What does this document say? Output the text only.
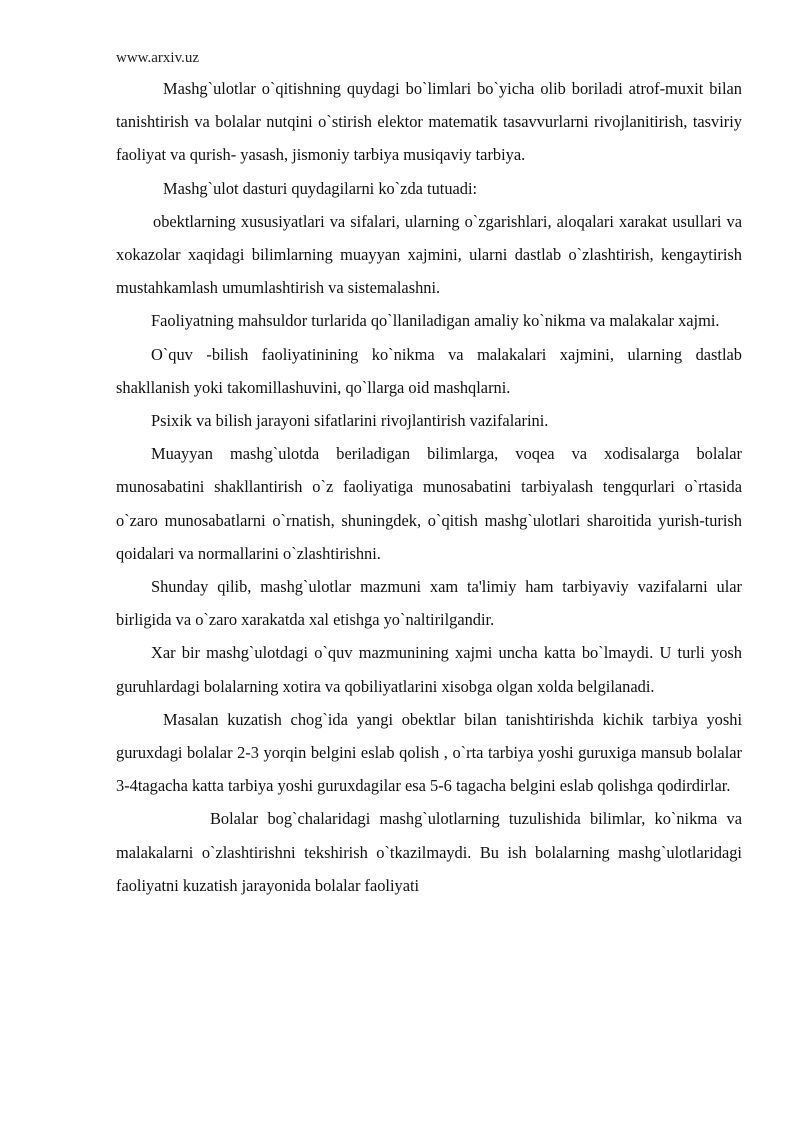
www.arxiv.uz

Mashg`ulotlar o`qitishning quydagi bo`limlari bo`yicha olib boriladi atrof-muxit bilan tanishtirish va bolalar nutqini o`stirish elektor matematik tasavvurlarni rivojlanitirish, tasviriy faoliyat va qurish- yasash, jismoniy tarbiya musiqaviy tarbiya.

Mashg`ulot dasturi quydagilarni ko`zda tutuadi:

obektlarning xususiyatlari va sifalari, ularning o`zgarishlari, aloqalari xarakat usullari va xokazolar xaqidagi bilimlarning muayyan xajmini, ularni dastlab o`zlashtirish, kengaytirish mustahkamlash umumlashtirish va sistemalashni.

Faoliyatning mahsuldor turlarida qo`llaniladigan amaliy ko`nikma va malakalar xajmi.

O`quv -bilish faoliyatinining ko`nikma va malakalari xajmini, ularning dastlab shakllanish yoki takomillashuvini, qo`llarga oid mashqlarni.

Psixik va bilish jarayoni sifatlarini rivojlantirish vazifalarini.

Muayyan mashg`ulotda beriladigan bilimlarga, voqea va xodisalarga bolalar munosabatini shakllantirish o`z faoliyatiga munosabatini tarbiyalash tengqurlari o`rtasida o`zaro munosabatlarni o`rnatish, shuningdek, o`qitish mashg`ulotlari sharoitida yurish-turish qoidalari va normallarini o`zlashtirishni.

Shunday qilib, mashg`ulotlar mazmuni xam ta'limiy ham tarbiyaviy vazifalarni ular birligida va o`zaro xarakatda xal etishga yo`naltirilgandir.

Xar bir mashg`ulotdagi o`quv mazmunining xajmi uncha katta bo`lmaydi. U turli yosh guruhlardagi bolalarning xotira va qobiliyatlarini xisobga olgan xolda belgilanadi.

Masalan kuzatish chog`ida yangi obektlar bilan tanishtirishda kichik tarbiya yoshi guruxdagi bolalar 2-3 yorqin belgini eslab qolish , o`rta tarbiya yoshi guruxiga mansub bolalar 3-4tagacha katta tarbiya yoshi guruxdagilar esa 5-6 tagacha belgini eslab qolishga qodirdirlar.

Bolalar bog`chalaridagi mashg`ulotlarning tuzulishida bilimlar, ko`nikma va malakalarni o`zlashtirishni tekshirish o`tkazilmaydi. Bu ish bolalarning mashg`ulotlaridagi faoliyatni kuzatish jarayonida bolalar faoliyati
